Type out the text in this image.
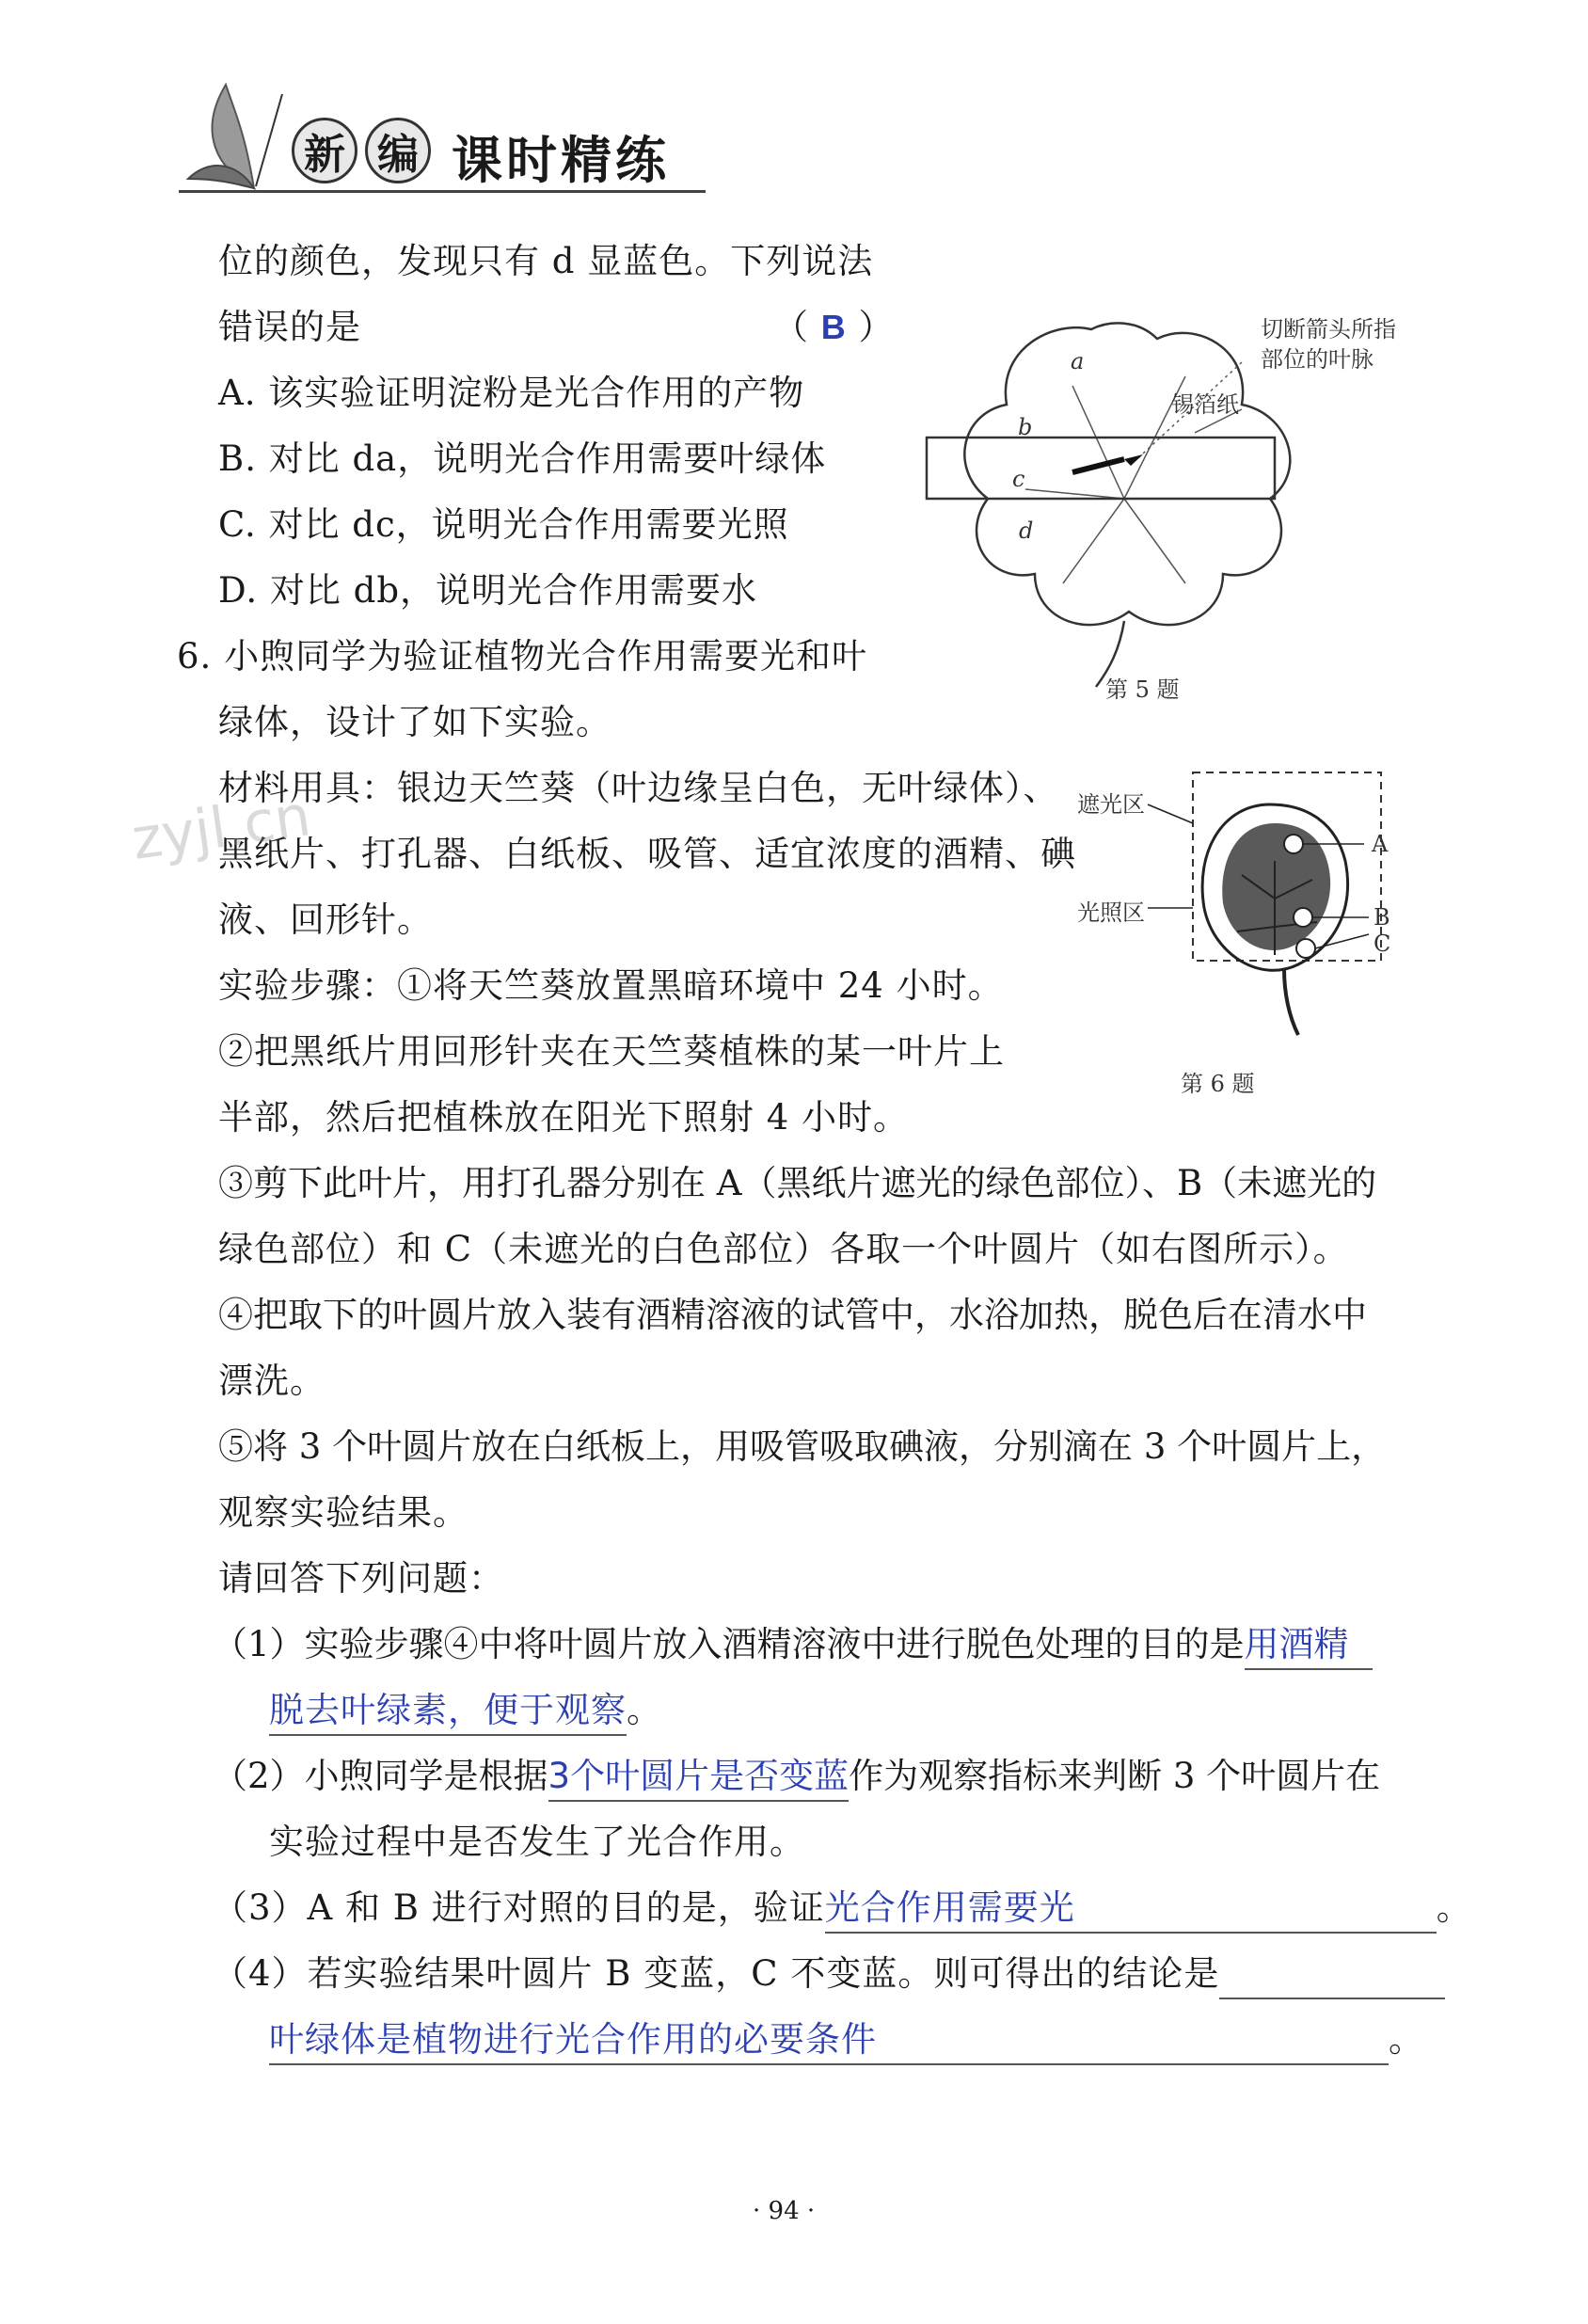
新 编 课时精练
位的颜色，发现只有 d 显蓝色。下列说法
错误的是	（ B ）
A. 该实验证明淀粉是光合作用的产物
B. 对比 da，说明光合作用需要叶绿体
C. 对比 dc，说明光合作用需要光照
D. 对比 db，说明光合作用需要水
a
b
c
d
切断箭头所指
部位的叶脉
锡箔纸
第 5 题
6. 小煦同学为验证植物光合作用需要光和叶
绿体，设计了如下实验。
材料用具：银边天竺葵（叶边缘呈白色，无叶绿体）、
黑纸片、打孔器、白纸板、吸管、适宜浓度的酒精、碘
液、回形针。
实验步骤：①将天竺葵放置黑暗环境中 24 小时。
②把黑纸片用回形针夹在天竺葵植株的某一叶片上
半部，然后把植株放在阳光下照射 4 小时。
③剪下此叶片，用打孔器分别在 A（黑纸片遮光的绿色部位）、B（未遮光的
绿色部位）和 C（未遮光的白色部位）各取一个叶圆片（如右图所示）。
④把取下的叶圆片放入装有酒精溶液的试管中，水浴加热，脱色后在清水中
漂洗。
⑤将 3 个叶圆片放在白纸板上，用吸管吸取碘液，分别滴在 3 个叶圆片上，
观察实验结果。
请回答下列问题：
遮光区
光照区
A
B
C
第 6 题
（1）实验步骤④中将叶圆片放入酒精溶液中进行脱色处理的目的是用酒精
脱去叶绿素，便于观察。
（2）小煦同学是根据3个叶圆片是否变蓝作为观察指标来判断 3 个叶圆片在
实验过程中是否发生了光合作用。
（3）A 和 B 进行对照的目的是，验证光合作用需要光	。
（4）若实验结果叶圆片 B 变蓝，C 不变蓝。则可得出的结论是
叶绿体是植物进行光合作用的必要条件	。
zyjl.cn
· 94 ·
